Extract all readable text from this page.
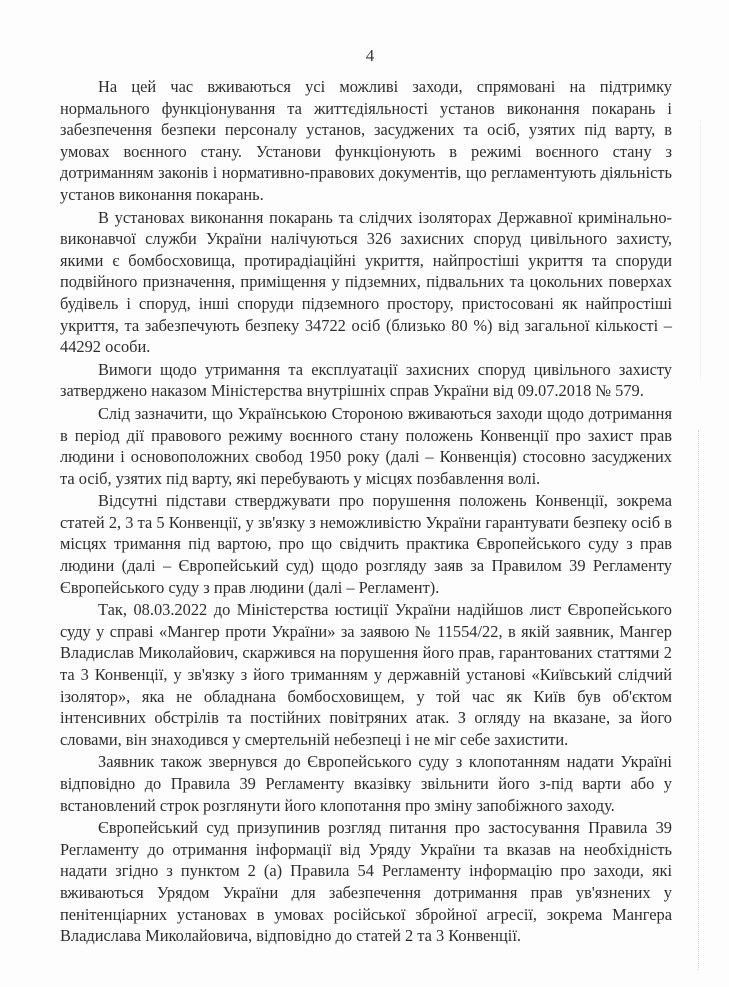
4

На цей час вживаються усі можливі заходи, спрямовані на підтримку нормального функціонування та життєдіяльності установ виконання покарань і забезпечення безпеки персоналу установ, засуджених та осіб, узятих під варту, в умовах воєнного стану. Установи функціонують в режимі воєнного стану з дотриманням законів і нормативно-правових документів, що регламентують діяльність установ виконання покарань.

В установах виконання покарань та слідчих ізоляторах Державної кримінально-виконавчої служби України налічуються 326 захисних споруд цивільного захисту, якими є бомбосховища, протирадіаційні укриття, найпростіші укриття та споруди подвійного призначення, приміщення у підземних, підвальних та цокольних поверхах будівель і споруд, інші споруди підземного простору, пристосовані як найпростіші укриття, та забезпечують безпеку 34722 осіб (близько 80 %) від загальної кількості – 44292 особи.

Вимоги щодо утримання та експлуатації захисних споруд цивільного захисту затверджено наказом Міністерства внутрішніх справ України від 09.07.2018 № 579.

Слід зазначити, що Українською Стороною вживаються заходи щодо дотримання в період дії правового режиму воєнного стану положень Конвенції про захист прав людини і основоположних свобод 1950 року (далі – Конвенція) стосовно засуджених та осіб, узятих під варту, які перебувають у місцях позбавлення волі.

Відсутні підстави стверджувати про порушення положень Конвенції, зокрема статей 2, 3 та 5 Конвенції, у зв'язку з неможливістю України гарантувати безпеку осіб в місцях тримання під вартою, про що свідчить практика Європейського суду з прав людини (далі – Європейський суд) щодо розгляду заяв за Правилом 39 Регламенту Європейського суду з прав людини (далі – Регламент).

Так, 08.03.2022 до Міністерства юстиції України надійшов лист Європейського суду у справі «Мангер проти України» за заявою № 11554/22, в якій заявник, Мангер Владислав Миколайович, скаржився на порушення його прав, гарантованих статтями 2 та 3 Конвенції, у зв'язку з його триманням у державній установі «Київський слідчий ізолятор», яка не обладнана бомбосховищем, у той час як Київ був об'єктом інтенсивних обстрілів та постійних повітряних атак. З огляду на вказане, за його словами, він знаходився у смертельній небезпеці і не міг себе захистити.

Заявник також звернувся до Європейського суду з клопотанням надати Україні відповідно до Правила 39 Регламенту вказівку звільнити його з-під варти або у встановлений строк розглянути його клопотання про зміну запобіжного заходу.

Європейський суд призупинив розгляд питання про застосування Правила 39 Регламенту до отримання інформації від Уряду України та вказав на необхідність надати згідно з пунктом 2 (а) Правила 54 Регламенту інформацію про заходи, які вживаються Урядом України для забезпечення дотримання прав ув'язнених у пенітенціарних установах в умовах російської збройної агресії, зокрема Мангера Владислава Миколайовича, відповідно до статей 2 та 3 Конвенції.
